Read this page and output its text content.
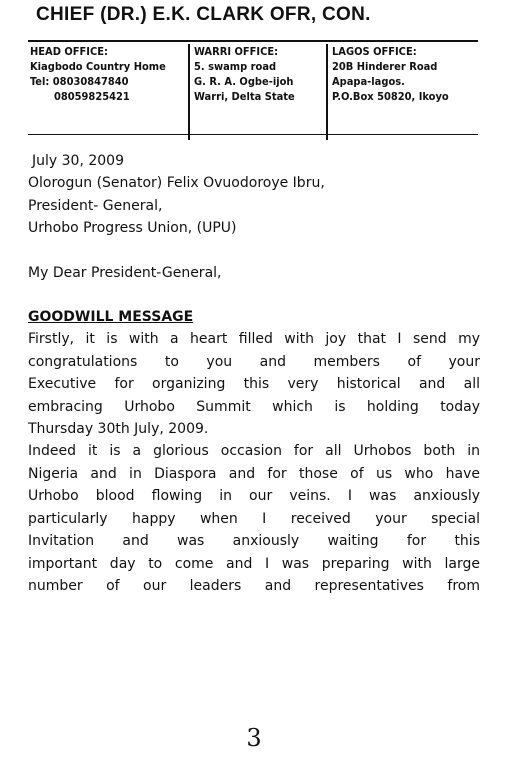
CHIEF (DR.) E.K. CLARK OFR, CON.
HEAD OFFICE:
Kiagbodo Country Home
Tel: 08030847840
08059825421
WARRI OFFICE:
5. swamp road
G. R. A. Ogbe-ijoh
Warri, Delta State
LAGOS OFFICE:
20B Hinderer Road
Apapa-lagos.
P.O.Box 50820, Ikoyo

July 30, 2009

Olorogun (Senator) Felix Ovuodoroye Ibru,

President- General,

Urhobo Progress Union, (UPU)

My Dear President-General,

GOODWILL MESSAGE

Firstly, it is with a heart filled with joy that I send my

congratulations to you and members of your

Executive for organizing this very historical and all

embracing Urhobo Summit which is holding today

Thursday 30th July, 2009.

Indeed it is a glorious occasion for all Urhobos both in

Nigeria and in Diaspora and for those of us who have

Urhobo blood flowing in our veins. I was anxiously

particularly happy when I received your special

Invitation and was anxiously waiting for this

important day to come and I was preparing with large

number of our leaders and representatives from

3
